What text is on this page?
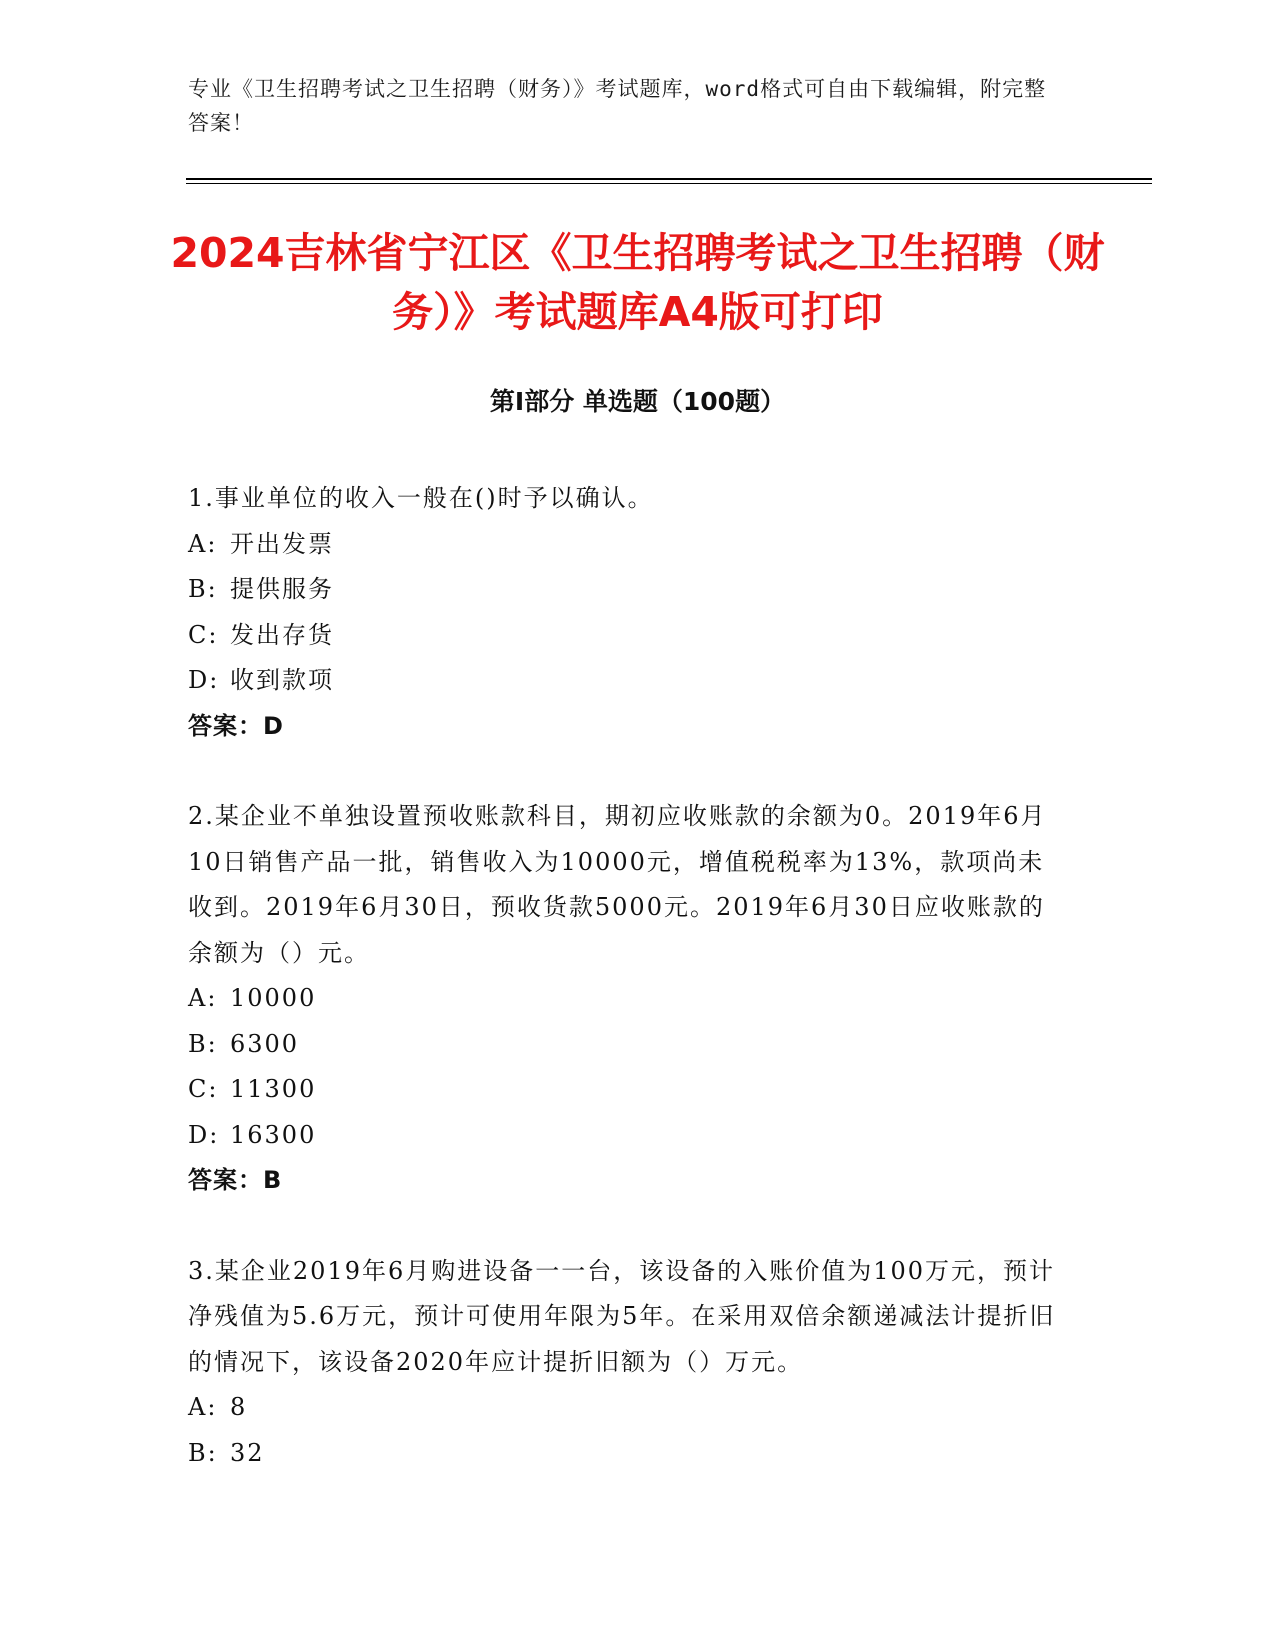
专业《卫生招聘考试之卫生招聘（财务）》考试题库，word格式可自由下载编辑，附完整答案！
2024吉林省宁江区《卫生招聘考试之卫生招聘（财务）》考试题库A4版可打印
第I部分 单选题（100题）

1.事业单位的收入一般在()时予以确认。

A: 开出发票
B: 提供服务
C: 发出存货
D: 收到款项
答案：D

2.某企业不单独设置预收账款科目，期初应收账款的余额为0。2019年6月10日销售产品一批，销售收入为10000元，增值税税率为13%，款项尚未收到。2019年6月30日，预收货款5000元。2019年6月30日应收账款的余额为（）元。

A: 10000
B: 6300
C: 11300
D: 16300
答案：B

3.某企业2019年6月购进设备一一台，该设备的入账价值为100万元，预计净残值为5.6万元，预计可使用年限为5年。在采用双倍余额递减法计提折旧的情况下，该设备2020年应计提折旧额为（）万元。

A: 8
B: 32
